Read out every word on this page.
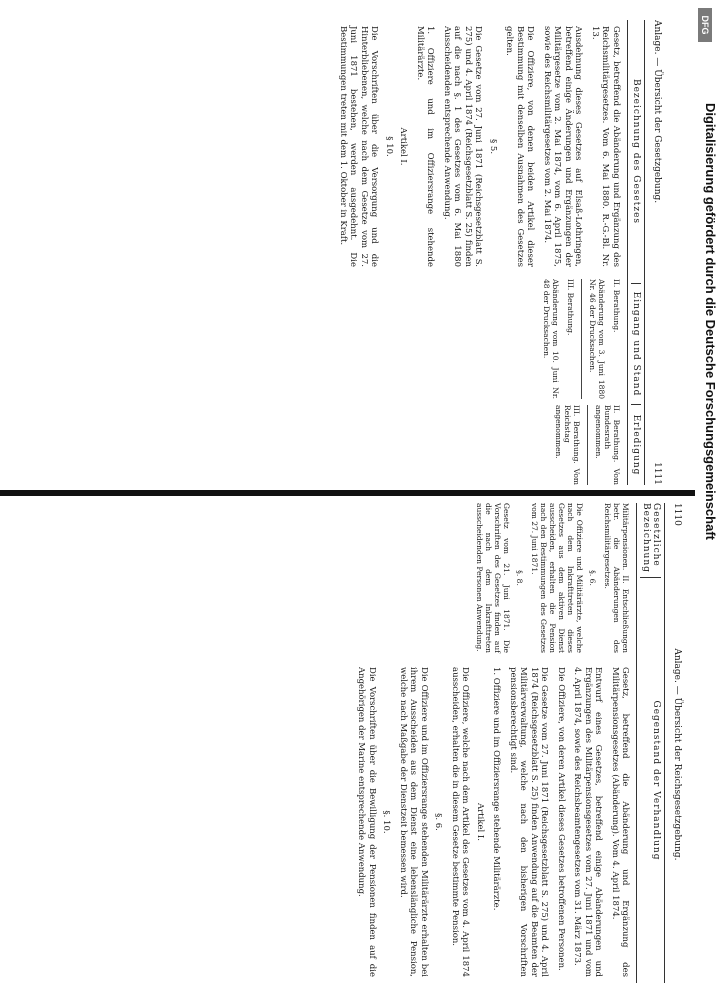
Anlage. — Übersicht der Gesetzgebung.
1111
Bezeichnung des Gesetzes
Eingang und Stand
Erledigung

Gesetz, betreffend die Abänderung und Ergänzung des Reichsmilitärgesetzes. Vom 6. Mai 1880. R.-G.-Bl. Nr. 13.

Ausdehnung dieses Gesetzes auf Elsaß-Lothringen, betreffend einige Änderungen und Ergänzungen der Militärgesetze vom 2. Mai 1874, vom 6. April 1875, sowie des Reichsmilitärgesetzes vom 2. Mai 1874.

Die Offiziere, von denen beiden Artikel dieser Bestimmung mit denselben Ausnahmen des Gesetzes gelten.

§ 5.

Die Gesetze vom 27. Juni 1871 (Reichsgesetzblatt S. 275) und 4. April 1874 (Reichsgesetzblatt S. 25) finden auf die nach §. 1 des Gesetzes vom 6. Mai 1880 Ausscheidenden entsprechende Anwendung.

1. Offiziere und im Offiziersrange stehende Militärärzte.

Artikel I.

§ 10.

Die Vorschriften über die Versorgung und die Hinterbliebenen, welche nach dem Gesetze vom 27. Juni 1871 bestehen, werden ausgedehnt. Die Bestimmungen treten mit dem 1. Oktober in Kraft.

II. Berathung.

Abänderung vom 3. Juni 1880 Nr. 46 der Drucksachen.

III. Berathung.

Abänderung vom 10. Juni Nr. 48 der Drucksachen.

II. Berathung. Vom Bundesrath angenommen.

III. Berathung. Vom Reichstag angenommen.

1110
Anlage. — Übersicht der Reichsgesetzgebung.
Gesetzliche Bezeichnung
Gegenstand der Verhandlung

Militärpensionen. II. Entschließungen betr. die Abänderungen des Reichsmilitärgesetzes.

§. 6.

Die Offiziere und Militärärzte, welche nach dem Inkrafttreten dieses Gesetzes aus dem aktiven Dienst ausscheiden, erhalten die Pension nach den Bestimmungen des Gesetzes vom 27. Juni 1871.

§. 8.

Gesetz vom 21. Juni 1871. Die Vorschriften des Gesetzes finden auf die nach dem Inkrafttreten ausscheidenden Personen Anwendung.

Gesetz, betreffend die Abänderung und Ergänzung des Militärpensionsgesetzes (Abänderung). Vom 4. April 1874.

Entwurf eines Gesetzes, betreffend einige Abänderungen und Ergänzungen des Militärpensionsgesetzes vom 27. Juni 1871 und vom 4. April 1874, sowie des Reichsbeamtengesetzes vom 31. März 1873.

Die Offiziere, von deren Artikel dieses Gesetzes betroffenen Personen.

Die Gesetze vom 27. Juni 1871 (Reichsgesetzblatt S. 275) und 4. April 1874 (Reichsgesetzblatt S. 25) finden Anwendung auf die Beamten der Militärverwaltung, welche nach den bisherigen Vorschriften pensionsberechtigt sind.

1. Offiziere und im Offiziersrange stehende Militärärzte.

Artikel I.

Die Offiziere, welche nach dem Artikel des Gesetzes vom 4. April 1874 ausscheiden, erhalten die in diesem Gesetze bestimmte Pension.

§. 6.

Die Offiziere und im Offiziersrange stehenden Militärärzte erhalten bei ihrem Ausscheiden aus dem Dienst eine lebenslängliche Pension, welche nach Maßgabe der Dienstzeit bemessen wird.

§. 10.

Die Vorschriften über die Bewilligung der Pensionen finden auf die Angehörigen der Marine entsprechende Anwendung.

DFG
Digitalisierung gefördert durch die Deutsche Forschungsgemeinschaft
